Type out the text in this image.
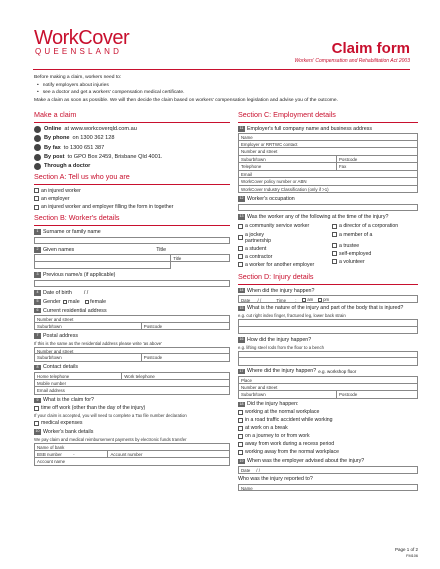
WorkCover
QUEENSLAND	Claim form
Workers' Compensation and Rehabilitation Act 2003
Before making a claim, workers need to:
• notify employers about injuries
• see a doctor and get a workers' compensation medical certificate.
Make a claim as soon as possible. We will then decide the claim based on workers' compensation legislation and advise you of the outcome.
Make a claim
Online at www.workcoverqld.com.au
By phone on 1300 362 128
By fax to 1300 651 387
By post to GPO Box 2459, Brisbane Qld 4001.
Through a doctor
Section A: Tell us who you are
an injured worker
an employer
an injured worker and employer filling the form in together
Section B: Worker's details
1 Surname or family name
2 Given names	Title
Title
3 Previous name/s (if applicable)
4 Date of birth / /
5 Gender male female
6 Current residential address
Number and street
Suburb/town	Postcode
7 Postal address
If this is the same as the residential address please write 'as above'
Number and street
Suburb/town	Postcode
8 Contact details
Home telephone	Work telephone
Mobile number
Email address
9 What is the claim for?
time off work (other than the day of the injury)
If your claim is accepted, you will need to complete a Tax file number declaration
medical expenses
10 Worker's bank details
We pay claim and medical reimbursement payments by electronic funds transfer
Name of bank
BSB number	-	Account number
Account name
Section C: Employment details
11 Employer's full company name and business address
Name
Employer or RRTWC contact
Number and street
Suburb/town	Postcode
Telephone	Fax
Email
WorkCover policy number or ABN
WorkCover Industry Classification (only if >1)
12 Worker's occupation
13 Was the worker any of the following at the time of the injury?
a community service worker
a jockey partnership
a student
a contractor
a worker for another employer
a director of a corporation
a member of a
a trustee
self-employed
a volunteer
Section D: Injury details
14 When did the injury happen?
Date / /	Time : am
pm
15 What is the nature of the injury and part of the body that is injured?
e.g. cut right index finger, fractured leg, lower back strain
16 How did the injury happen?
e.g. lifting steel rods from the floor to a bench
17 Where did the injury happen? e.g. workshop floor
Place
Number and street
Suburb/town	Postcode
18 Did the injury happen:
working at the normal workplace
in a road traffic accident while working
at work on a break
on a journey to or from work
away from work during a recess period
working away from the normal workplace
19 When was the employer advised about the injury?
Date / /
Who was the injury reported to?
Name
Page 1 of 2
FM106
